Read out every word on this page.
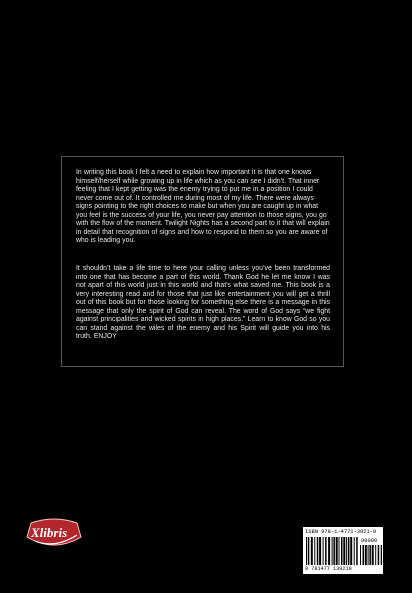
In writing this book I felt a need to explain how important it is that one knows himself/herself while growing up in life which as you can see I didn’t. That inner feeling that I kept getting was the enemy trying to put me in a position I could never come out of. It controlled me during most of my life. There were always signs pointing to the right choices to make but when you are caught up in what you feel is the success of your life, you never pay attention to those signs, you go with the flow of the moment. Twilight Nights has a second part to it that will explain in detail that recognition of signs and how to respond to them so you are aware of who is leading you.

It shouldn’t take a life time to here your calling unless you’ve been transformed into one that has become a part of this world. Thank God he let me know I was not apart of this world just in this world and that’s what saved me. This book is a very interesting read and for those that just like entertainment you will get a thrill out of this book but for those looking for something else there is a message in this message that only the spirit of God can reveal. The word of God says “we fight against principalities and wicked spirits in high places.” Learn to know God so you can stand against the wiles of the enemy and his Spirit will guide you into his truth. ENJOY

Xlibris	ISBN 978-1-4771-3921-9
90000
9 781477 139219
